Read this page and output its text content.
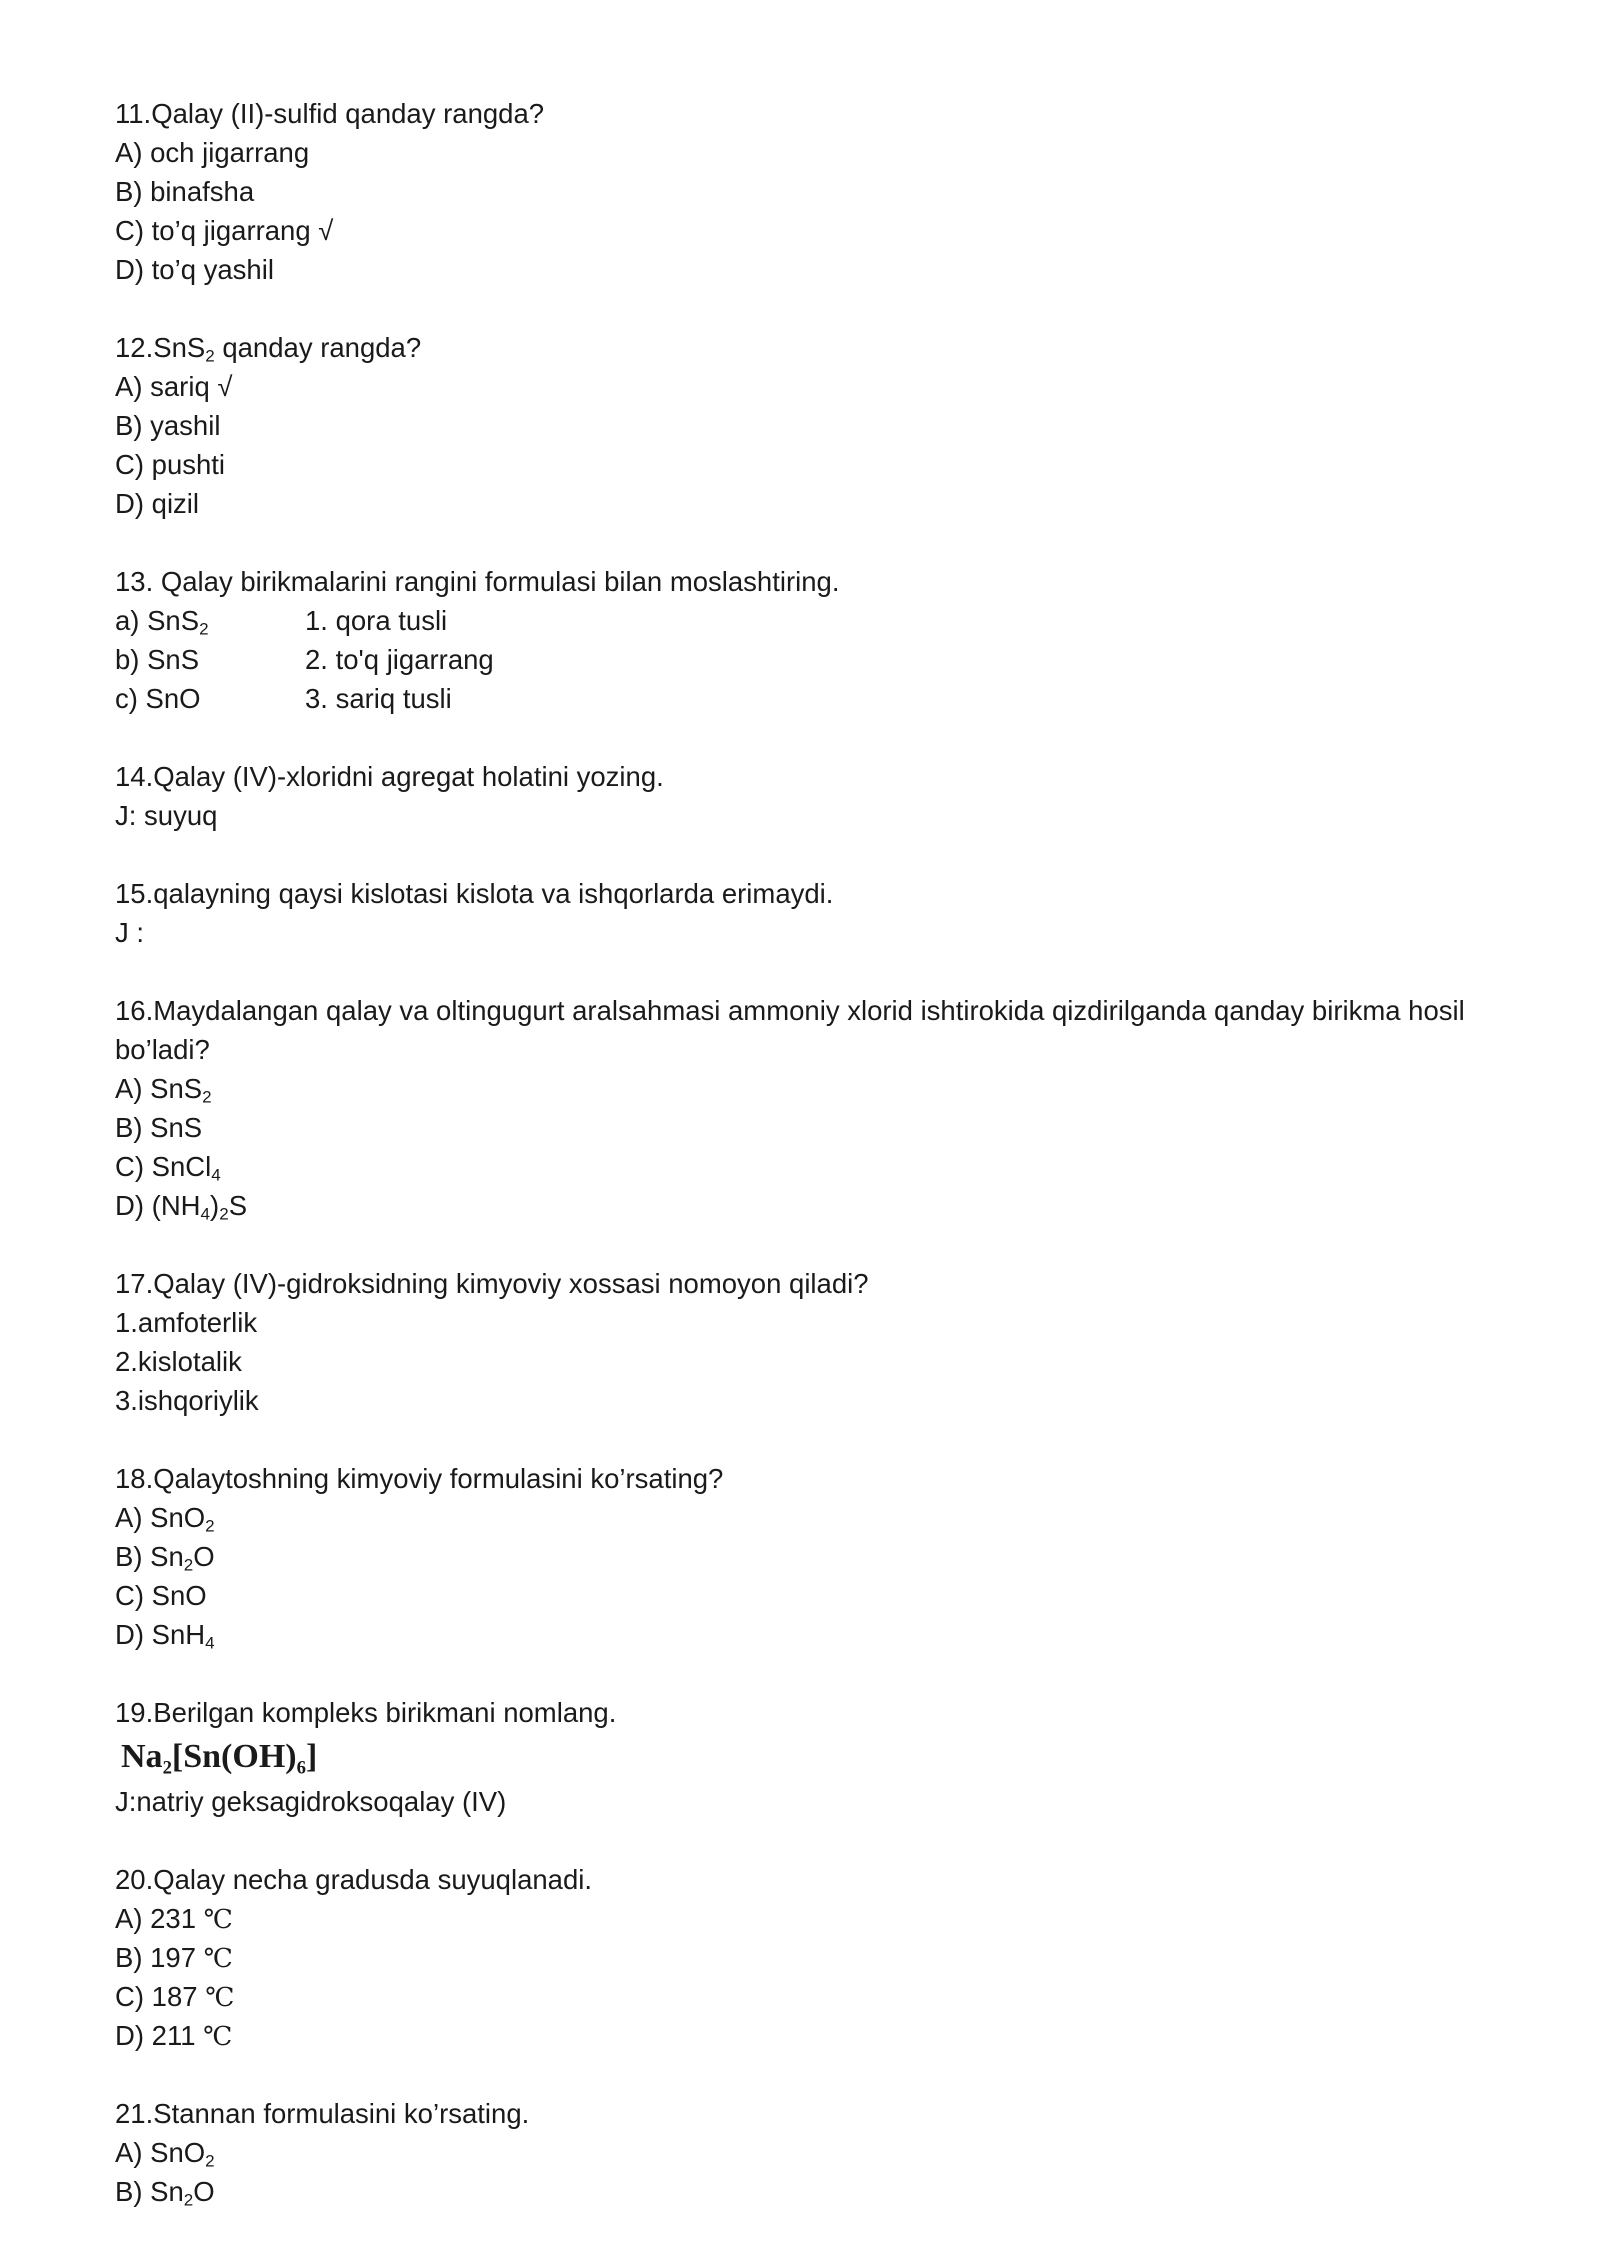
11.Qalay (II)-sulfid qanday rangda?
A) och jigarrang
B) binafsha
C) to’q jigarrang √
D) to’q yashil
12.SnS$_2$ qanday rangda?
A) sariq √
B) yashil
C) pushti
D) qizil
13. Qalay birikmalarini rangini formulasi bilan moslashtiring.
a) SnS$_2$	1. qora tusli
b) SnS	2. to'q jigarrang
c) SnO	3. sariq tusli
14.Qalay (IV)-xloridni agregat holatini yozing.
J: suyuq
15.qalayning qaysi kislotasi kislota va ishqorlarda erimaydi.
J :
16.Maydalangan qalay va oltingugurt aralsahmasi ammoniy xlorid ishtirokida qizdirilganda qanday birikma hosil bo’ladi?
A) SnS$_2$
B) SnS
C) SnCl$_4$
D) $(NH_4)_2S$
17.Qalay (IV)-gidroksidning kimyoviy xossasi nomoyon qiladi?
1.amfoterlik
2.kislotalik
3.ishqoriylik
18.Qalaytoshning kimyoviy formulasini ko’rsating?
A) SnO$_2$
B) $Sn_2O$
C) SnO
D) SnH$_4$
19.Berilgan kompleks birikmani nomlang.
$Na_2[Sn(OH)_6]$
J:natriy geksagidroksoqalay (IV)
20.Qalay necha gradusda suyuqlanadi.
A) 231 ℃
B) 197 ℃
C) 187 ℃
D) 211 ℃
21.Stannan formulasini ko’rsating.
A) SnO$_2$
B) $Sn_2O$
